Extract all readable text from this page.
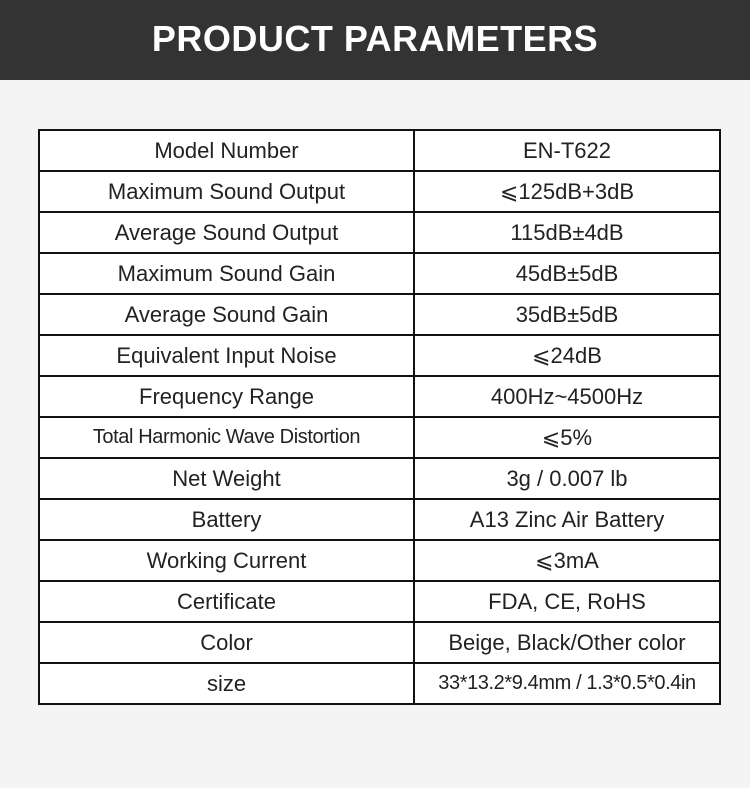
PRODUCT PARAMETERS
Model Number	EN-T622
Maximum Sound Output	⩽125dB+3dB
Average Sound Output	115dB±4dB
Maximum Sound Gain	45dB±5dB
Average Sound Gain	35dB±5dB
Equivalent Input Noise	⩽24dB
Frequency Range	400Hz~4500Hz
Total Harmonic Wave Distortion	⩽5%
Net Weight	3g / 0.007 lb
Battery	A13 Zinc Air Battery
Working Current	⩽3mA
Certificate	FDA, CE, RoHS
Color	Beige, Black/Other color
size	33*13.2*9.4mm / 1.3*0.5*0.4in
